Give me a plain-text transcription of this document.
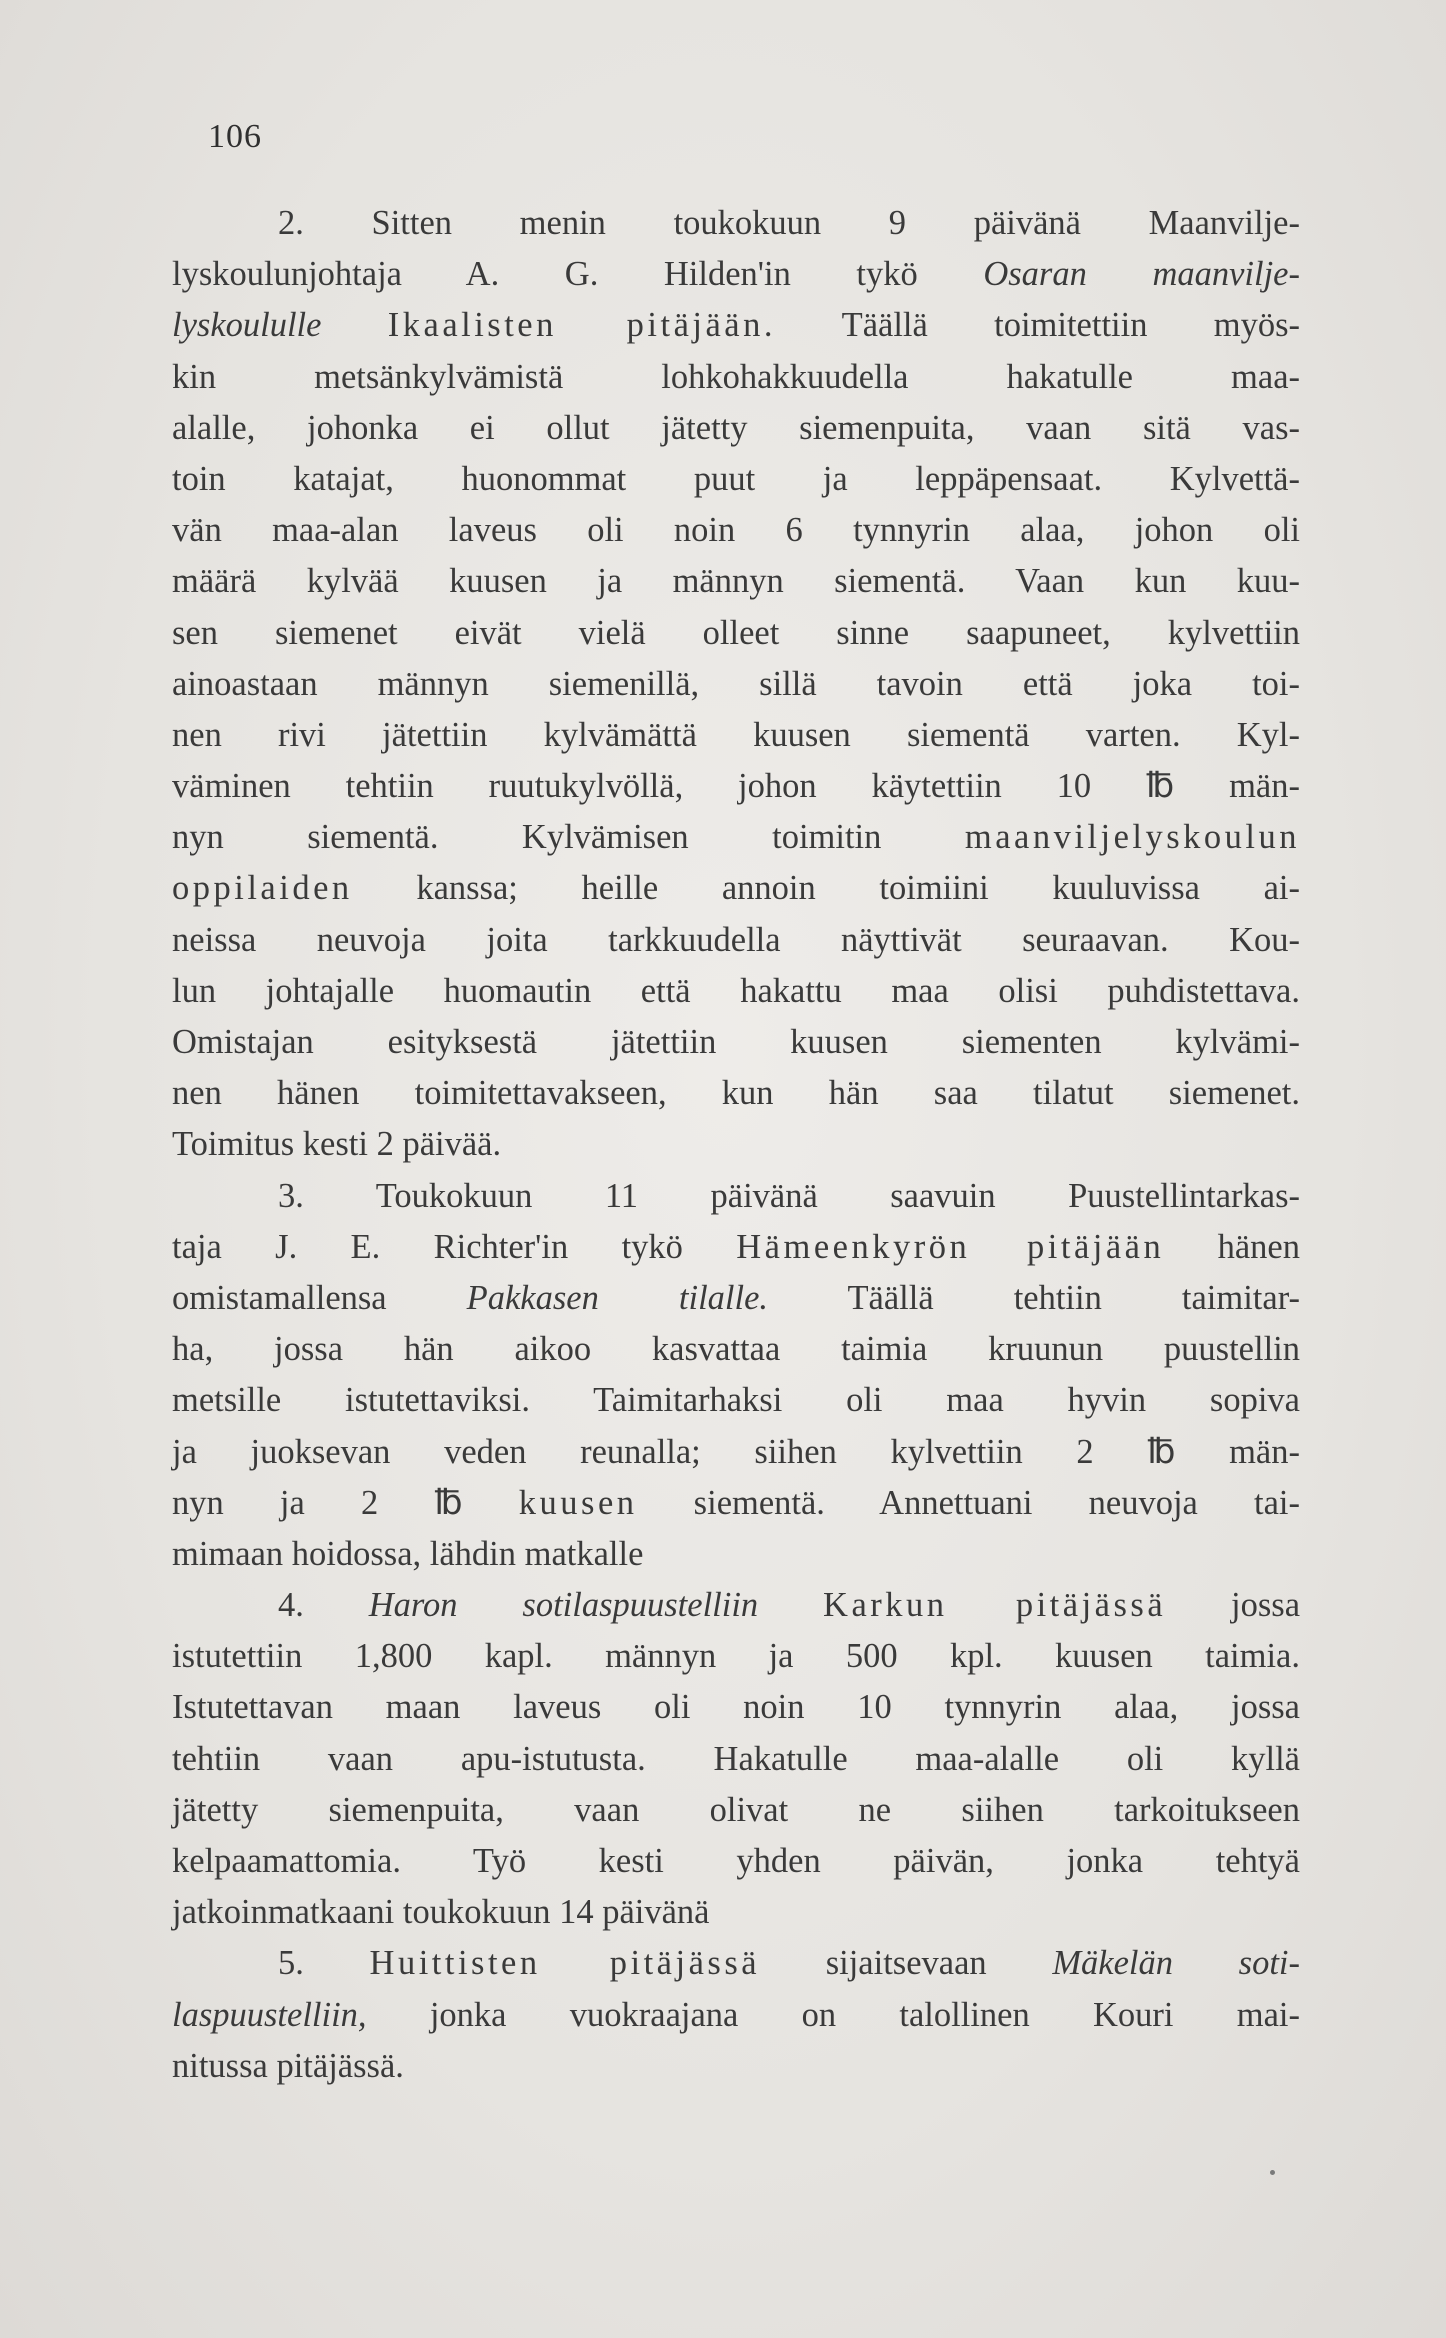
106
2. Sitten menin toukokuun 9 päivänä Maanvilje-
lyskoulunjohtaja A. G. Hilden'in tykö Osaran maanvilje-
lyskoululle Ikaalisten pitäjään. Täällä toimitettiin myös-
kin metsänkylvämistä lohkohakkuudella hakatulle maa-
alalle, johonka ei ollut jätetty siemenpuita, vaan sitä vas-
toin katajat, huonommat puut ja leppäpensaat. Kylvettä-
vän maa-alan laveus oli noin 6 tynnyrin alaa, johon oli
määrä kylvää kuusen ja männyn siementä. Vaan kun kuu-
sen siemenet eivät vielä olleet sinne saapuneet, kylvettiin
ainoastaan männyn siemenillä, sillä tavoin että joka toi-
nen rivi jätettiin kylvämättä kuusen siementä varten. Kyl-
väminen tehtiin ruutukylvöllä, johon käytettiin 10 ℔ män-
nyn siementä. Kylvämisen toimitin maanviljelyskoulun
oppilaiden kanssa; heille annoin toimiini kuuluvissa ai-
neissa neuvoja joita tarkkuudella näyttivät seuraavan. Kou-
lun johtajalle huomautin että hakattu maa olisi puhdistettava.
Omistajan esityksestä jätettiin kuusen siementen kylvämi-
nen hänen toimitettavakseen, kun hän saa tilatut siemenet.
Toimitus kesti 2 päivää.
3. Toukokuun 11 päivänä saavuin Puustellintarkas-
taja J. E. Richter'in tykö Hämeenkyrön pitäjään hänen
omistamallensa Pakkasen tilalle. Täällä tehtiin taimitar-
ha, jossa hän aikoo kasvattaa taimia kruunun puustellin
metsille istutettaviksi. Taimitarhaksi oli maa hyvin sopiva
ja juoksevan veden reunalla; siihen kylvettiin 2 ℔ män-
nyn ja 2 ℔ kuusen siementä. Annettuani neuvoja tai-
mimaan hoidossa, lähdin matkalle
4. Haron sotilaspuustelliin Karkun pitäjässä jossa
istutettiin 1,800 kapl. männyn ja 500 kpl. kuusen taimia.
Istutettavan maan laveus oli noin 10 tynnyrin alaa, jossa
tehtiin vaan apu-istutusta. Hakatulle maa-alalle oli kyllä
jätetty siemenpuita, vaan olivat ne siihen tarkoitukseen
kelpaamattomia. Työ kesti yhden päivän, jonka tehtyä
jatkoinmatkaani toukokuun 14 päivänä
5. Huittisten pitäjässä sijaitsevaan Mäkelän soti-
laspuustelliin, jonka vuokraajana on talollinen Kouri mai-
nitussa pitäjässä.
